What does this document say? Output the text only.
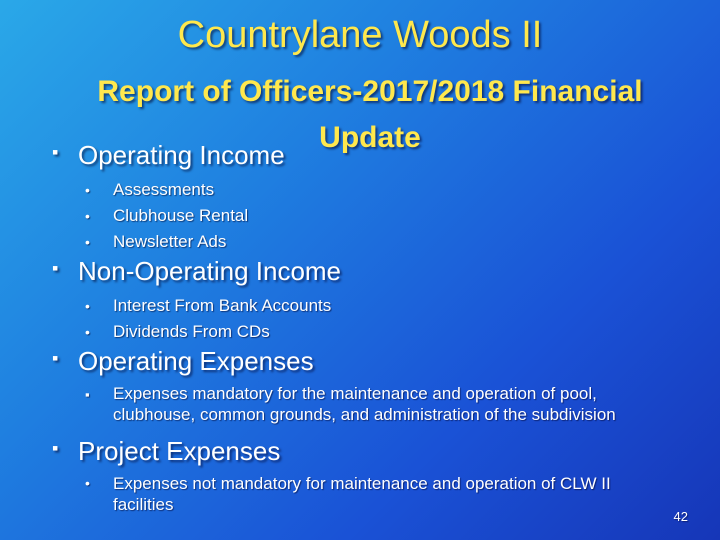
Countrylane Woods II
Report of Officers-2017/2018 Financial Update
▪ Operating Income
• Assessments
• Clubhouse Rental
• Newsletter Ads
▪ Non-Operating Income
• Interest From Bank Accounts
• Dividends From CDs
▪ Operating Expenses
▪ Expenses mandatory for the maintenance and operation of pool, clubhouse, common grounds, and administration of the subdivision
▪ Project Expenses
• Expenses not mandatory for maintenance and operation of CLW II facilities
42
